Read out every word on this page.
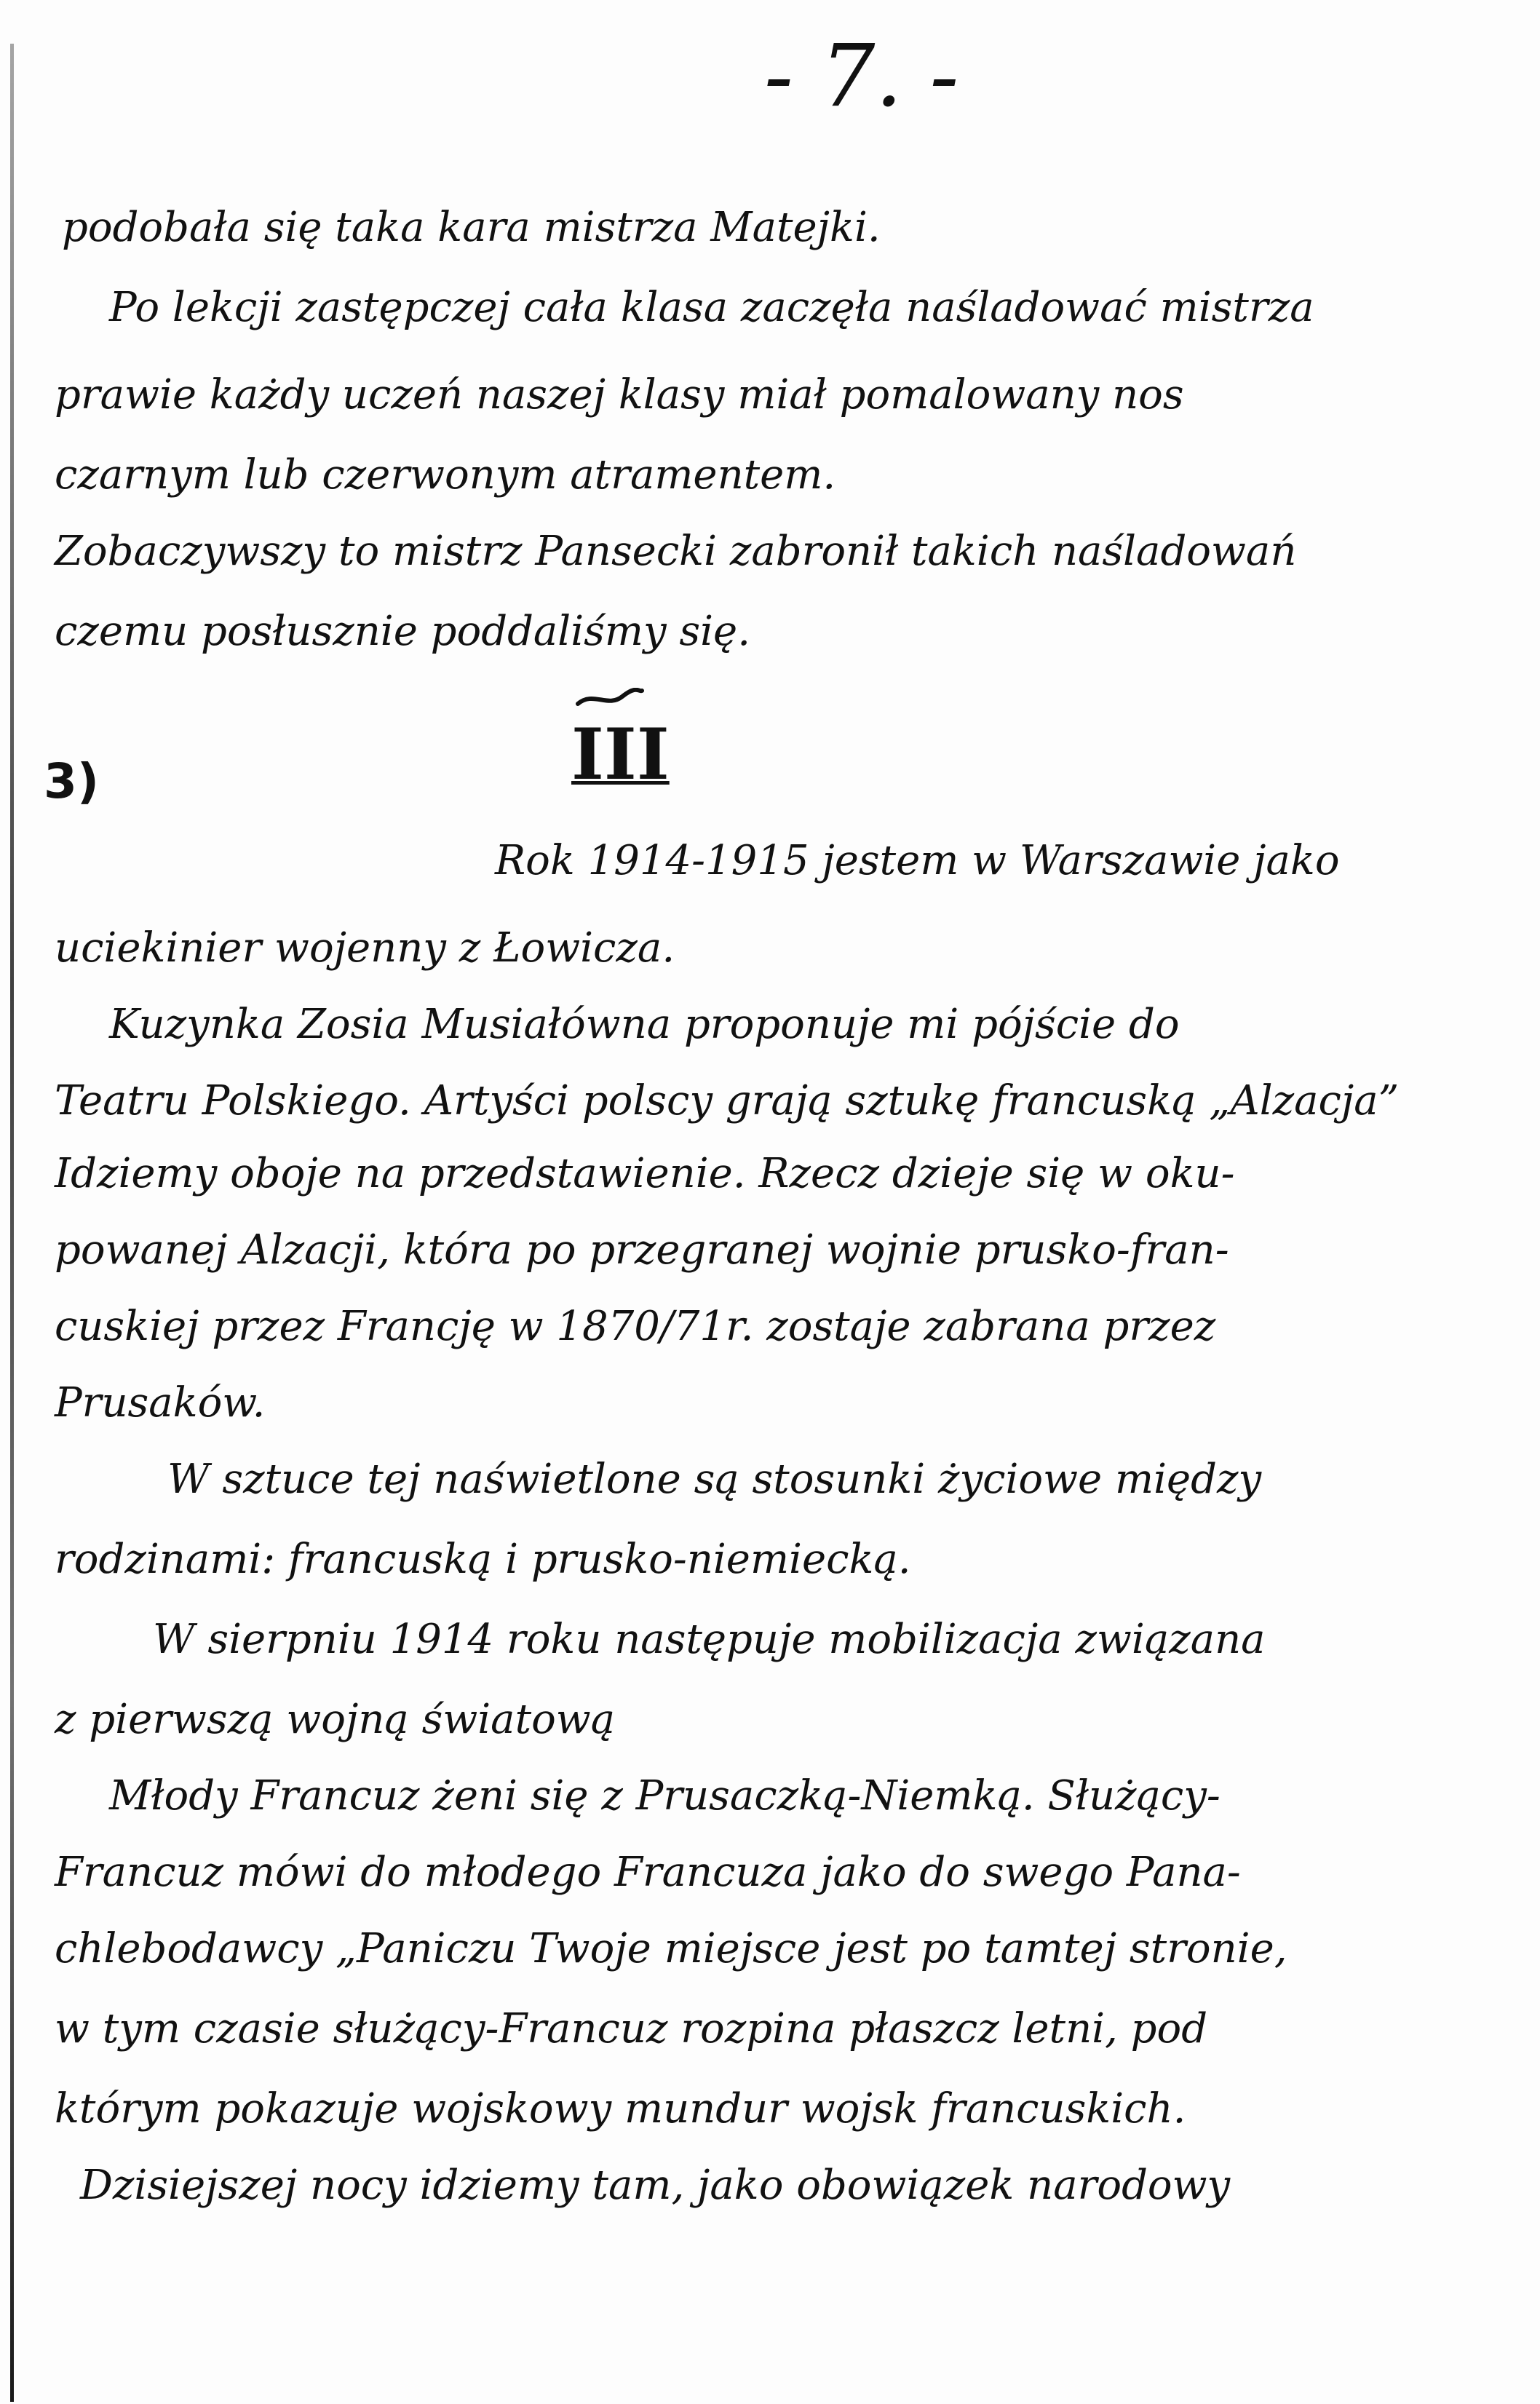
- 7. -
podobała się taka kara mistrza Matejki.
Po lekcji zastępczej cała klasa zaczęła naśladować mistrza
prawie każdy uczeń naszej klasy miał pomalowany nos
czarnym lub czerwonym atramentem.
Zobaczywszy to mistrz Pansecki zabronił takich naśladowań
czemu posłusznie poddaliśmy się.
3)	III
Rok 1914-1915 jestem w Warszawie jako
uciekinier wojenny z Łowicza.
Kuzynka Zosia Musiałówna proponuje mi pójście do
Teatru Polskiego. Artyści polscy grają sztukę francuską „Alzacja”
Idziemy oboje na przedstawienie. Rzecz dzieje się w oku-
powanej Alzacji, która po przegranej wojnie prusko-fran-
cuskiej przez Francję w 1870/71r. zostaje zabrana przez
Prusaków.
W sztuce tej naświetlone są stosunki życiowe między
rodzinami: francuską i prusko-niemiecką.
W sierpniu 1914 roku następuje mobilizacja związana
z pierwszą wojną światową
Młody Francuz żeni się z Prusaczką-Niemką. Służący-
Francuz mówi do młodego Francuza jako do swego Pana-
chlebodawcy „Paniczu Twoje miejsce jest po tamtej stronie,
w tym czasie służący-Francuz rozpina płaszcz letni, pod
którym pokazuje wojskowy mundur wojsk francuskich.
Dzisiejszej nocy idziemy tam, jako obowiązek narodowy
